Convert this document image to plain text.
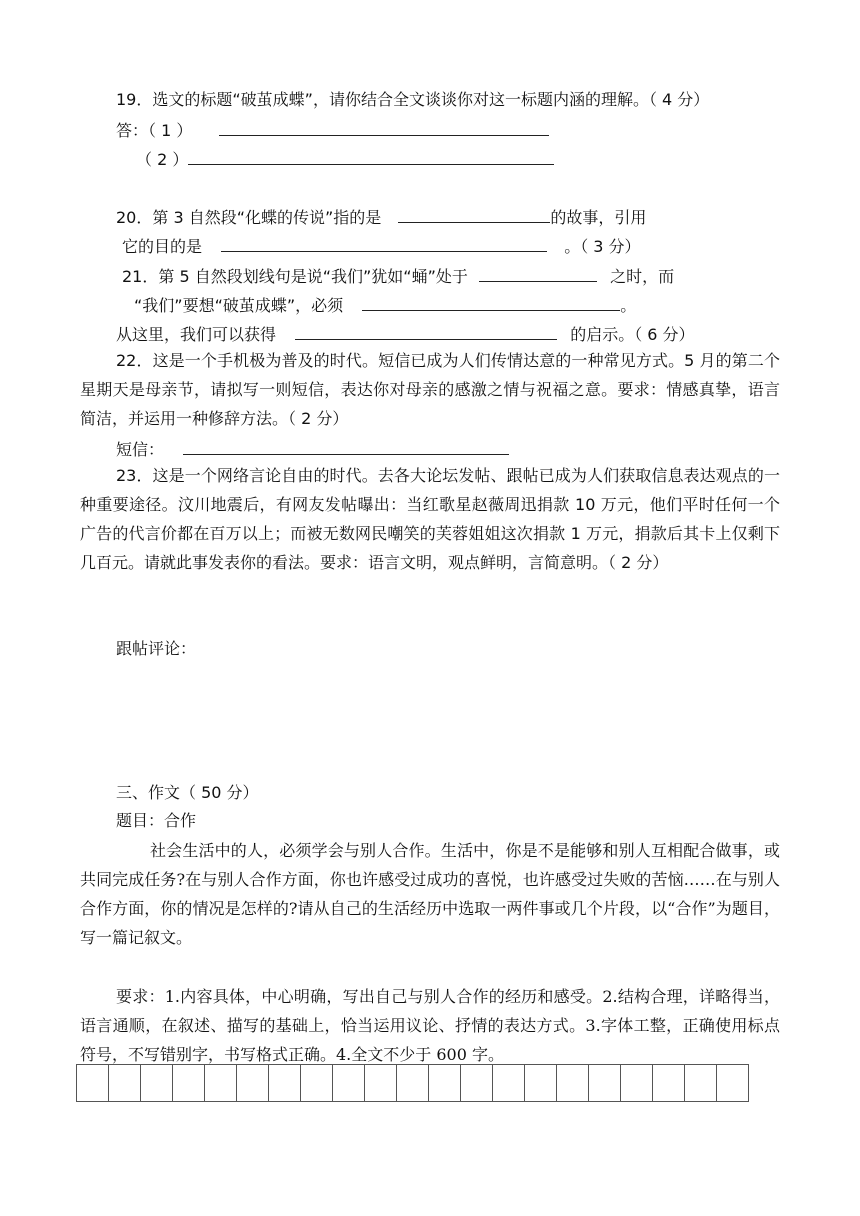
19．选文的标题“破茧成蝶”，请你结合全文谈谈你对这一标题内涵的理解。（ 4 分）
答：（ 1 ）
（ 2 ）
20．第 3 自然段“化蝶的传说”指的是	的故事，引用
它的目的是	。（ 3 分）
21．第 5 自然段划线句是说“我们”犹如“蛹”处于	之时，而
“我们”要想“破茧成蝶”，必须	。
从这里，我们可以获得	的启示。（ 6 分）
22．这是一个手机极为普及的时代。短信已成为人们传情达意的一种常见方式。5 月的第二个星期天是母亲节，请拟写一则短信，表达你对母亲的感激之情与祝福之意。要求：情感真挚，语言简洁，并运用一种修辞方法。（ 2 分）
短信：
23．这是一个网络言论自由的时代。去各大论坛发帖、跟帖已成为人们获取信息表达观点的一种重要途径。汶川地震后，有网友发帖曝出：当红歌星赵薇周迅捐款 10 万元，他们平时任何一个广告的代言价都在百万以上；而被无数网民嘲笑的芙蓉姐姐这次捐款 1 万元，捐款后其卡上仅剩下几百元。请就此事发表你的看法。要求：语言文明，观点鲜明，言简意明。（ 2 分）
跟帖评论：
三、作文（ 50 分）
题目：合作
社会生活中的人，必须学会与别人合作。生活中，你是不是能够和别人互相配合做事，或共同完成任务?在与别人合作方面，你也许感受过成功的喜悦，也许感受过失败的苦恼……在与别人合作方面，你的情况是怎样的?请从自己的生活经历中选取一两件事或几个片段，以“合作”为题目，写一篇记叙文。
要求：1.内容具体，中心明确，写出自己与别人合作的经历和感受。2.结构合理，详略得当，语言通顺，在叙述、描写的基础上，恰当运用议论、抒情的表达方式。3.字体工整，正确使用标点符号，不写错别字，书写格式正确。4.全文不少于 600 字。
